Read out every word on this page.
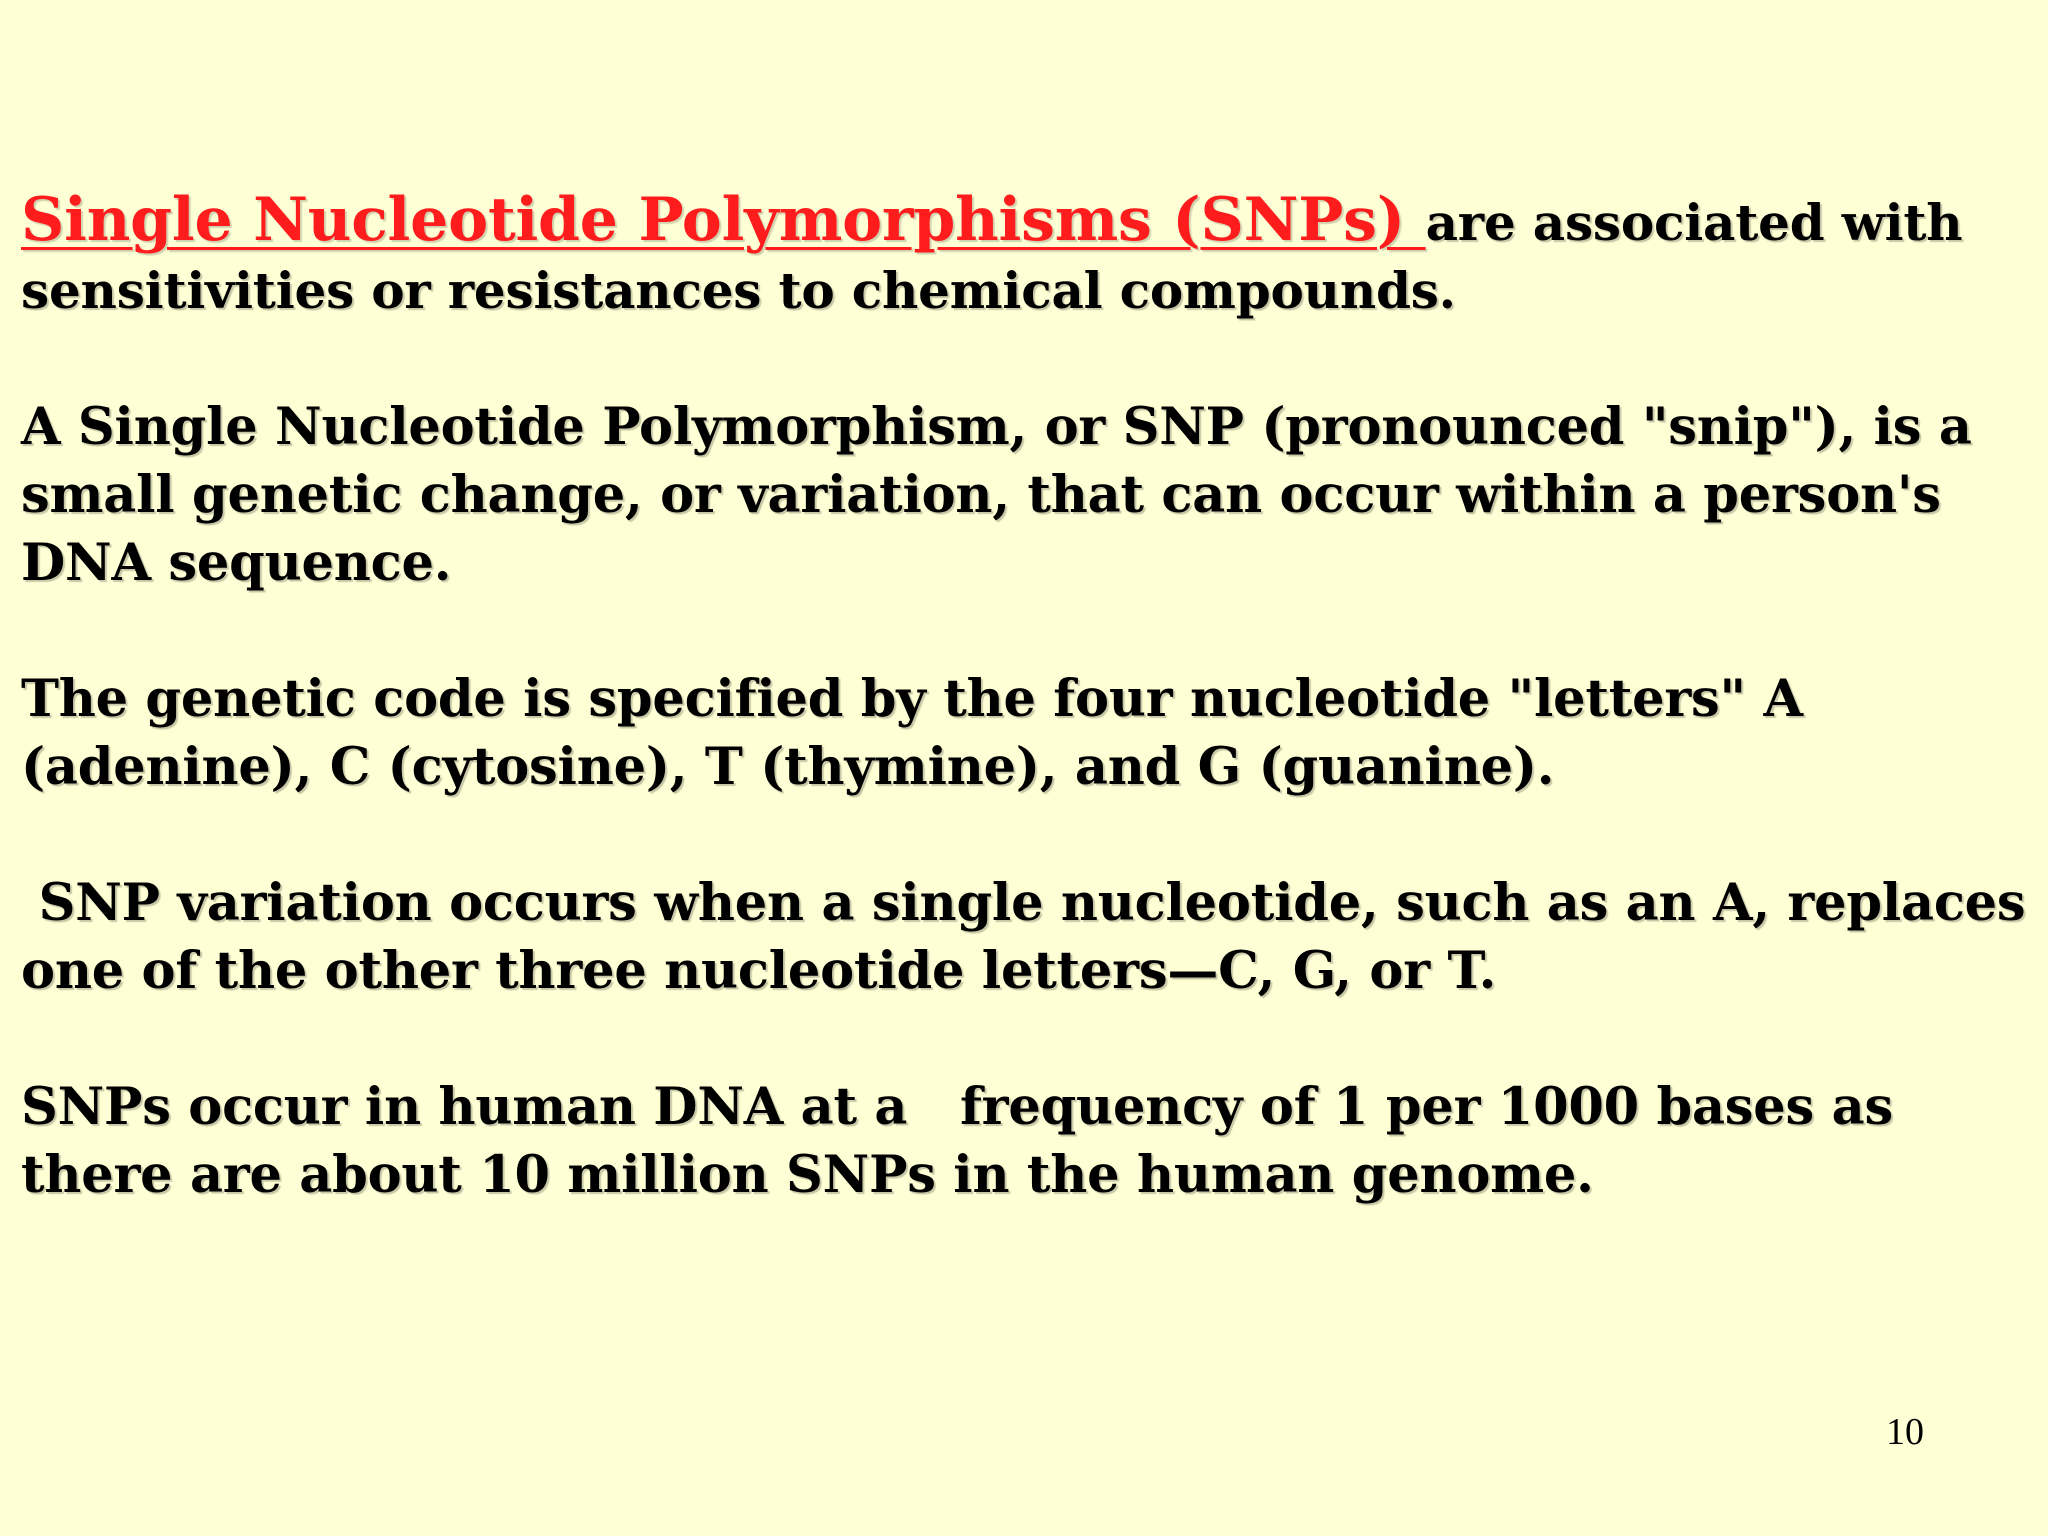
Single Nucleotide Polymorphisms (SNPs) are associated with sensitivities or resistances to chemical compounds.

A Single Nucleotide Polymorphism, or SNP (pronounced "snip"), is a small genetic change, or variation, that can occur within a person's DNA sequence.

The genetic code is specified by the four nucleotide "letters" A (adenine), C (cytosine), T (thymine), and G (guanine).

SNP variation occurs when a single nucleotide, such as an A, replaces one of the other three nucleotide letters—C, G, or T.

SNPs occur in human DNA at a   frequency of 1 per 1000 bases as  there are about 10 million SNPs in the human genome.

10
